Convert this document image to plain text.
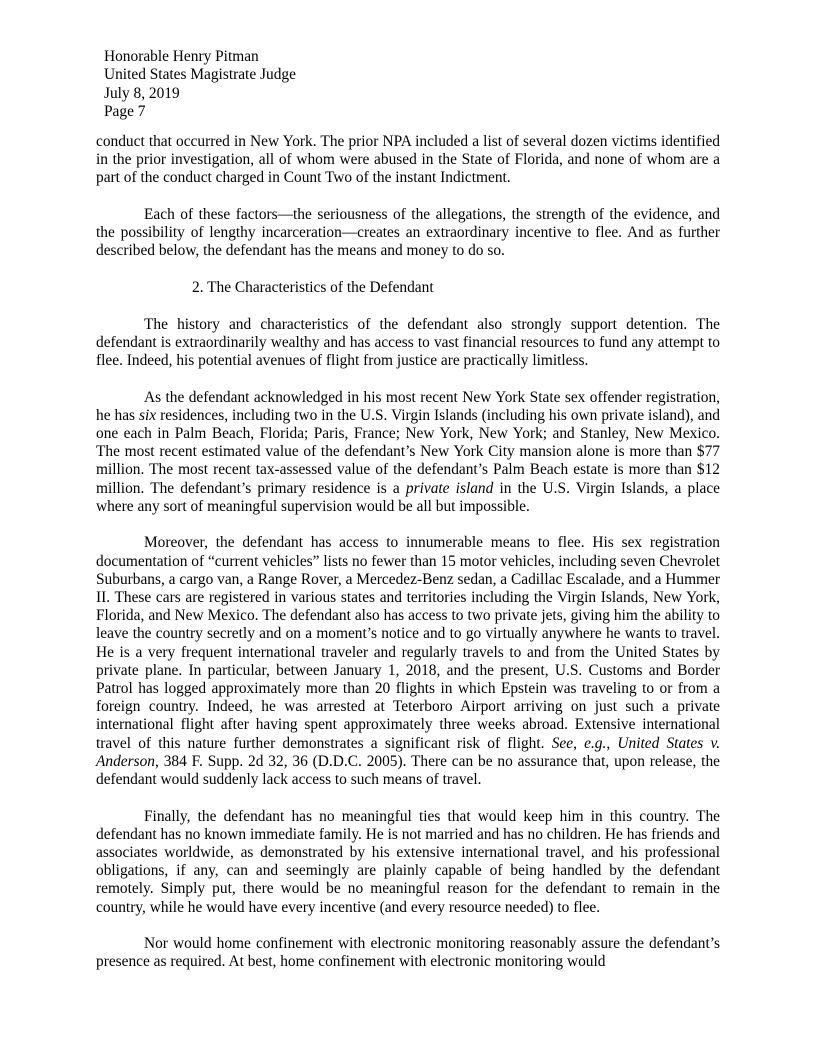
Honorable Henry Pitman
United States Magistrate Judge
July 8, 2019
Page 7

conduct that occurred in New York. The prior NPA included a list of several dozen victims identified in the prior investigation, all of whom were abused in the State of Florida, and none of whom are a part of the conduct charged in Count Two of the instant Indictment.

Each of these factors—the seriousness of the allegations, the strength of the evidence, and the possibility of lengthy incarceration—creates an extraordinary incentive to flee. And as further described below, the defendant has the means and money to do so.

2. The Characteristics of the Defendant

The history and characteristics of the defendant also strongly support detention. The defendant is extraordinarily wealthy and has access to vast financial resources to fund any attempt to flee. Indeed, his potential avenues of flight from justice are practically limitless.

As the defendant acknowledged in his most recent New York State sex offender registration, he has six residences, including two in the U.S. Virgin Islands (including his own private island), and one each in Palm Beach, Florida; Paris, France; New York, New York; and Stanley, New Mexico. The most recent estimated value of the defendant’s New York City mansion alone is more than $77 million. The most recent tax-assessed value of the defendant’s Palm Beach estate is more than $12 million. The defendant’s primary residence is a private island in the U.S. Virgin Islands, a place where any sort of meaningful supervision would be all but impossible.

Moreover, the defendant has access to innumerable means to flee. His sex registration documentation of “current vehicles” lists no fewer than 15 motor vehicles, including seven Chevrolet Suburbans, a cargo van, a Range Rover, a Mercedez-Benz sedan, a Cadillac Escalade, and a Hummer II. These cars are registered in various states and territories including the Virgin Islands, New York, Florida, and New Mexico. The defendant also has access to two private jets, giving him the ability to leave the country secretly and on a moment’s notice and to go virtually anywhere he wants to travel. He is a very frequent international traveler and regularly travels to and from the United States by private plane. In particular, between January 1, 2018, and the present, U.S. Customs and Border Patrol has logged approximately more than 20 flights in which Epstein was traveling to or from a foreign country. Indeed, he was arrested at Teterboro Airport arriving on just such a private international flight after having spent approximately three weeks abroad. Extensive international travel of this nature further demonstrates a significant risk of flight. See, e.g., United States v. Anderson, 384 F. Supp. 2d 32, 36 (D.D.C. 2005). There can be no assurance that, upon release, the defendant would suddenly lack access to such means of travel.

Finally, the defendant has no meaningful ties that would keep him in this country. The defendant has no known immediate family. He is not married and has no children. He has friends and associates worldwide, as demonstrated by his extensive international travel, and his professional obligations, if any, can and seemingly are plainly capable of being handled by the defendant remotely. Simply put, there would be no meaningful reason for the defendant to remain in the country, while he would have every incentive (and every resource needed) to flee.

Nor would home confinement with electronic monitoring reasonably assure the defendant’s presence as required. At best, home confinement with electronic monitoring would
